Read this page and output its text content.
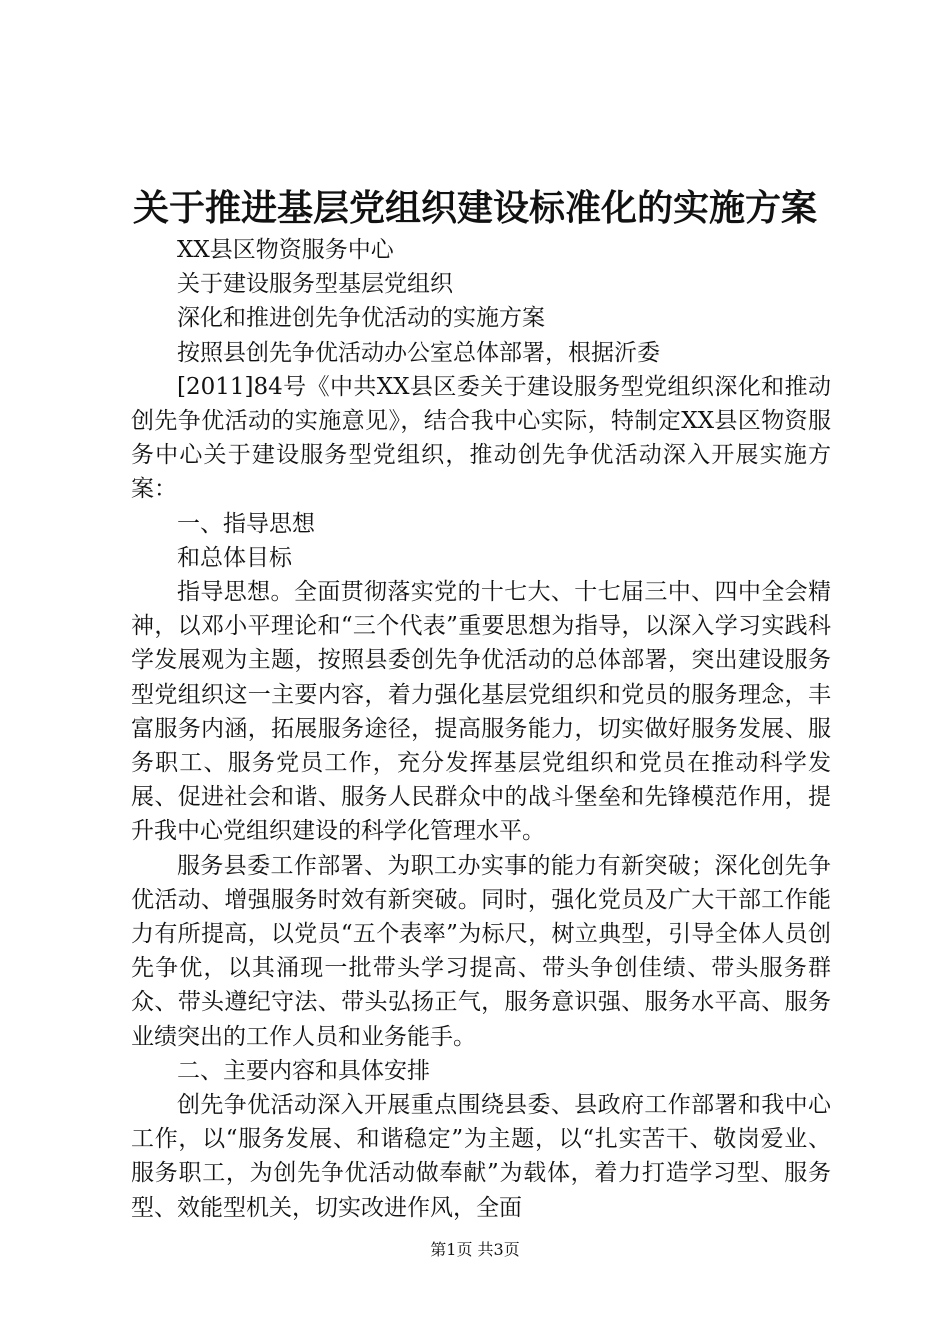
关于推进基层党组织建设标准化的实施方案

XX县区物资服务中心

关于建设服务型基层党组织

深化和推进创先争优活动的实施方案

按照县创先争优活动办公室总体部署，根据沂委

[2011]84号《中共XX县区委关于建设服务型党组织深化和推动创先争优活动的实施意见》，结合我中心实际，特制定XX县区物资服务中心关于建设服务型党组织，推动创先争优活动深入开展实施方案：

一、指导思想

和总体目标

指导思想。全面贯彻落实党的十七大、十七届三中、四中全会精神，以邓小平理论和“三个代表”重要思想为指导，以深入学习实践科学发展观为主题，按照县委创先争优活动的总体部署，突出建设服务型党组织这一主要内容，着力强化基层党组织和党员的服务理念，丰富服务内涵，拓展服务途径，提高服务能力，切实做好服务发展、服务职工、服务党员工作，充分发挥基层党组织和党员在推动科学发展、促进社会和谐、服务人民群众中的战斗堡垒和先锋模范作用，提升我中心党组织建设的科学化管理水平。

服务县委工作部署、为职工办实事的能力有新突破；深化创先争优活动、增强服务时效有新突破。同时，强化党员及广大干部工作能力有所提高，以党员“五个表率”为标尺，树立典型，引导全体人员创先争优，以其涌现一批带头学习提高、带头争创佳绩、带头服务群众、带头遵纪守法、带头弘扬正气，服务意识强、服务水平高、服务业绩突出的工作人员和业务能手。

二、主要内容和具体安排

创先争优活动深入开展重点围绕县委、县政府工作部署和我中心工作，以“服务发展、和谐稳定”为主题，以“扎实苦干、敬岗爱业、服务职工，为创先争优活动做奉献”为载体，着力打造学习型、服务型、效能型机关，切实改进作风，全面

第1页 共3页
